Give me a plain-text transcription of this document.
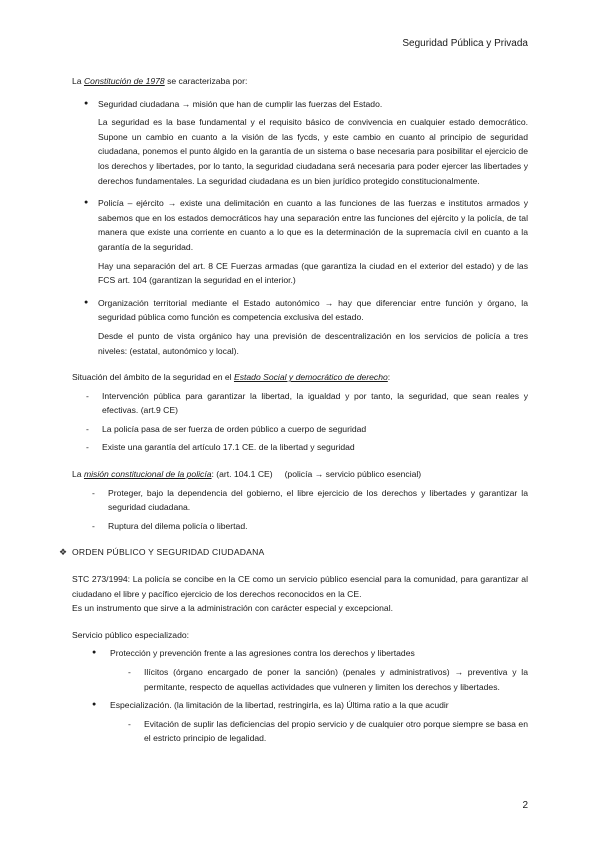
Seguridad Pública y Privada

La Constitución de 1978 se caracterizaba por:

● Seguridad ciudadana → misión que han de cumplir las fuerzas del Estado.

La seguridad es la base fundamental y el requisito básico de convivencia en cualquier estado democrático. Supone un cambio en cuanto a la visión de las fycds, y este cambio en cuanto al principio de seguridad ciudadana, ponemos el punto álgido en la garantía de un sistema o base necesaria para posibilitar el ejercicio de los derechos y libertades, por lo tanto, la seguridad ciudadana será necesaria para poder ejercer las libertades y derechos fundamentales. La seguridad ciudadana es un bien jurídico protegido constitucionalmente.

● Policía – ejército → existe una delimitación en cuanto a las funciones de las fuerzas e institutos armados y sabemos que en los estados democráticos hay una separación entre las funciones del ejército y la policía, de tal manera que existe una corriente en cuanto a lo que es la determinación de la supremacía civil en cuanto a la garantía de la seguridad.

Hay una separación del art. 8 CE Fuerzas armadas (que garantiza la ciudad en el exterior del estado) y de las FCS art. 104 (garantizan la seguridad en el interior.)

● Organización territorial mediante el Estado autonómico → hay que diferenciar entre función y órgano, la seguridad pública como función es competencia exclusiva del estado.

Desde el punto de vista orgánico hay una previsión de descentralización en los servicios de policía a tres niveles: (estatal, autonómico y local).

Situación del ámbito de la seguridad en el Estado Social y democrático de derecho:

- Intervención pública para garantizar la libertad, la igualdad y por tanto, la seguridad, que sean reales y efectivas. (art.9 CE)

- La policía pasa de ser fuerza de orden público a cuerpo de seguridad

- Existe una garantía del artículo 17.1 CE. de la libertad y seguridad

La misión constitucional de la policía: (art. 104.1 CE)     (policía → servicio público esencial)

- Proteger, bajo la dependencia del gobierno, el libre ejercicio de los derechos y libertades y garantizar la seguridad ciudadana.

- Ruptura del dilema policía o libertad.

❖ ORDEN PÚBLICO Y SEGURIDAD CIUDADANA

STC 273/1994: La policía se concibe en la CE como un servicio público esencial para la comunidad, para garantizar al ciudadano el libre y pacífico ejercicio de los derechos reconocidos en la CE.

Es un instrumento que sirve a la administración con carácter especial y excepcional.

Servicio público especializado:

● Protección y prevención frente a las agresiones contra los derechos y libertades

- Ilícitos (órgano encargado de poner la sanción) (penales y administrativos) → preventiva y la permitante, respecto de aquellas actividades que vulneren y limiten los derechos y libertades.

● Especialización. (la limitación de la libertad, restringirla, es la) Última ratio a la que acudir

- Evitación de suplir las deficiencias del propio servicio y de cualquier otro porque siempre se basa en el estricto principio de legalidad.

2
